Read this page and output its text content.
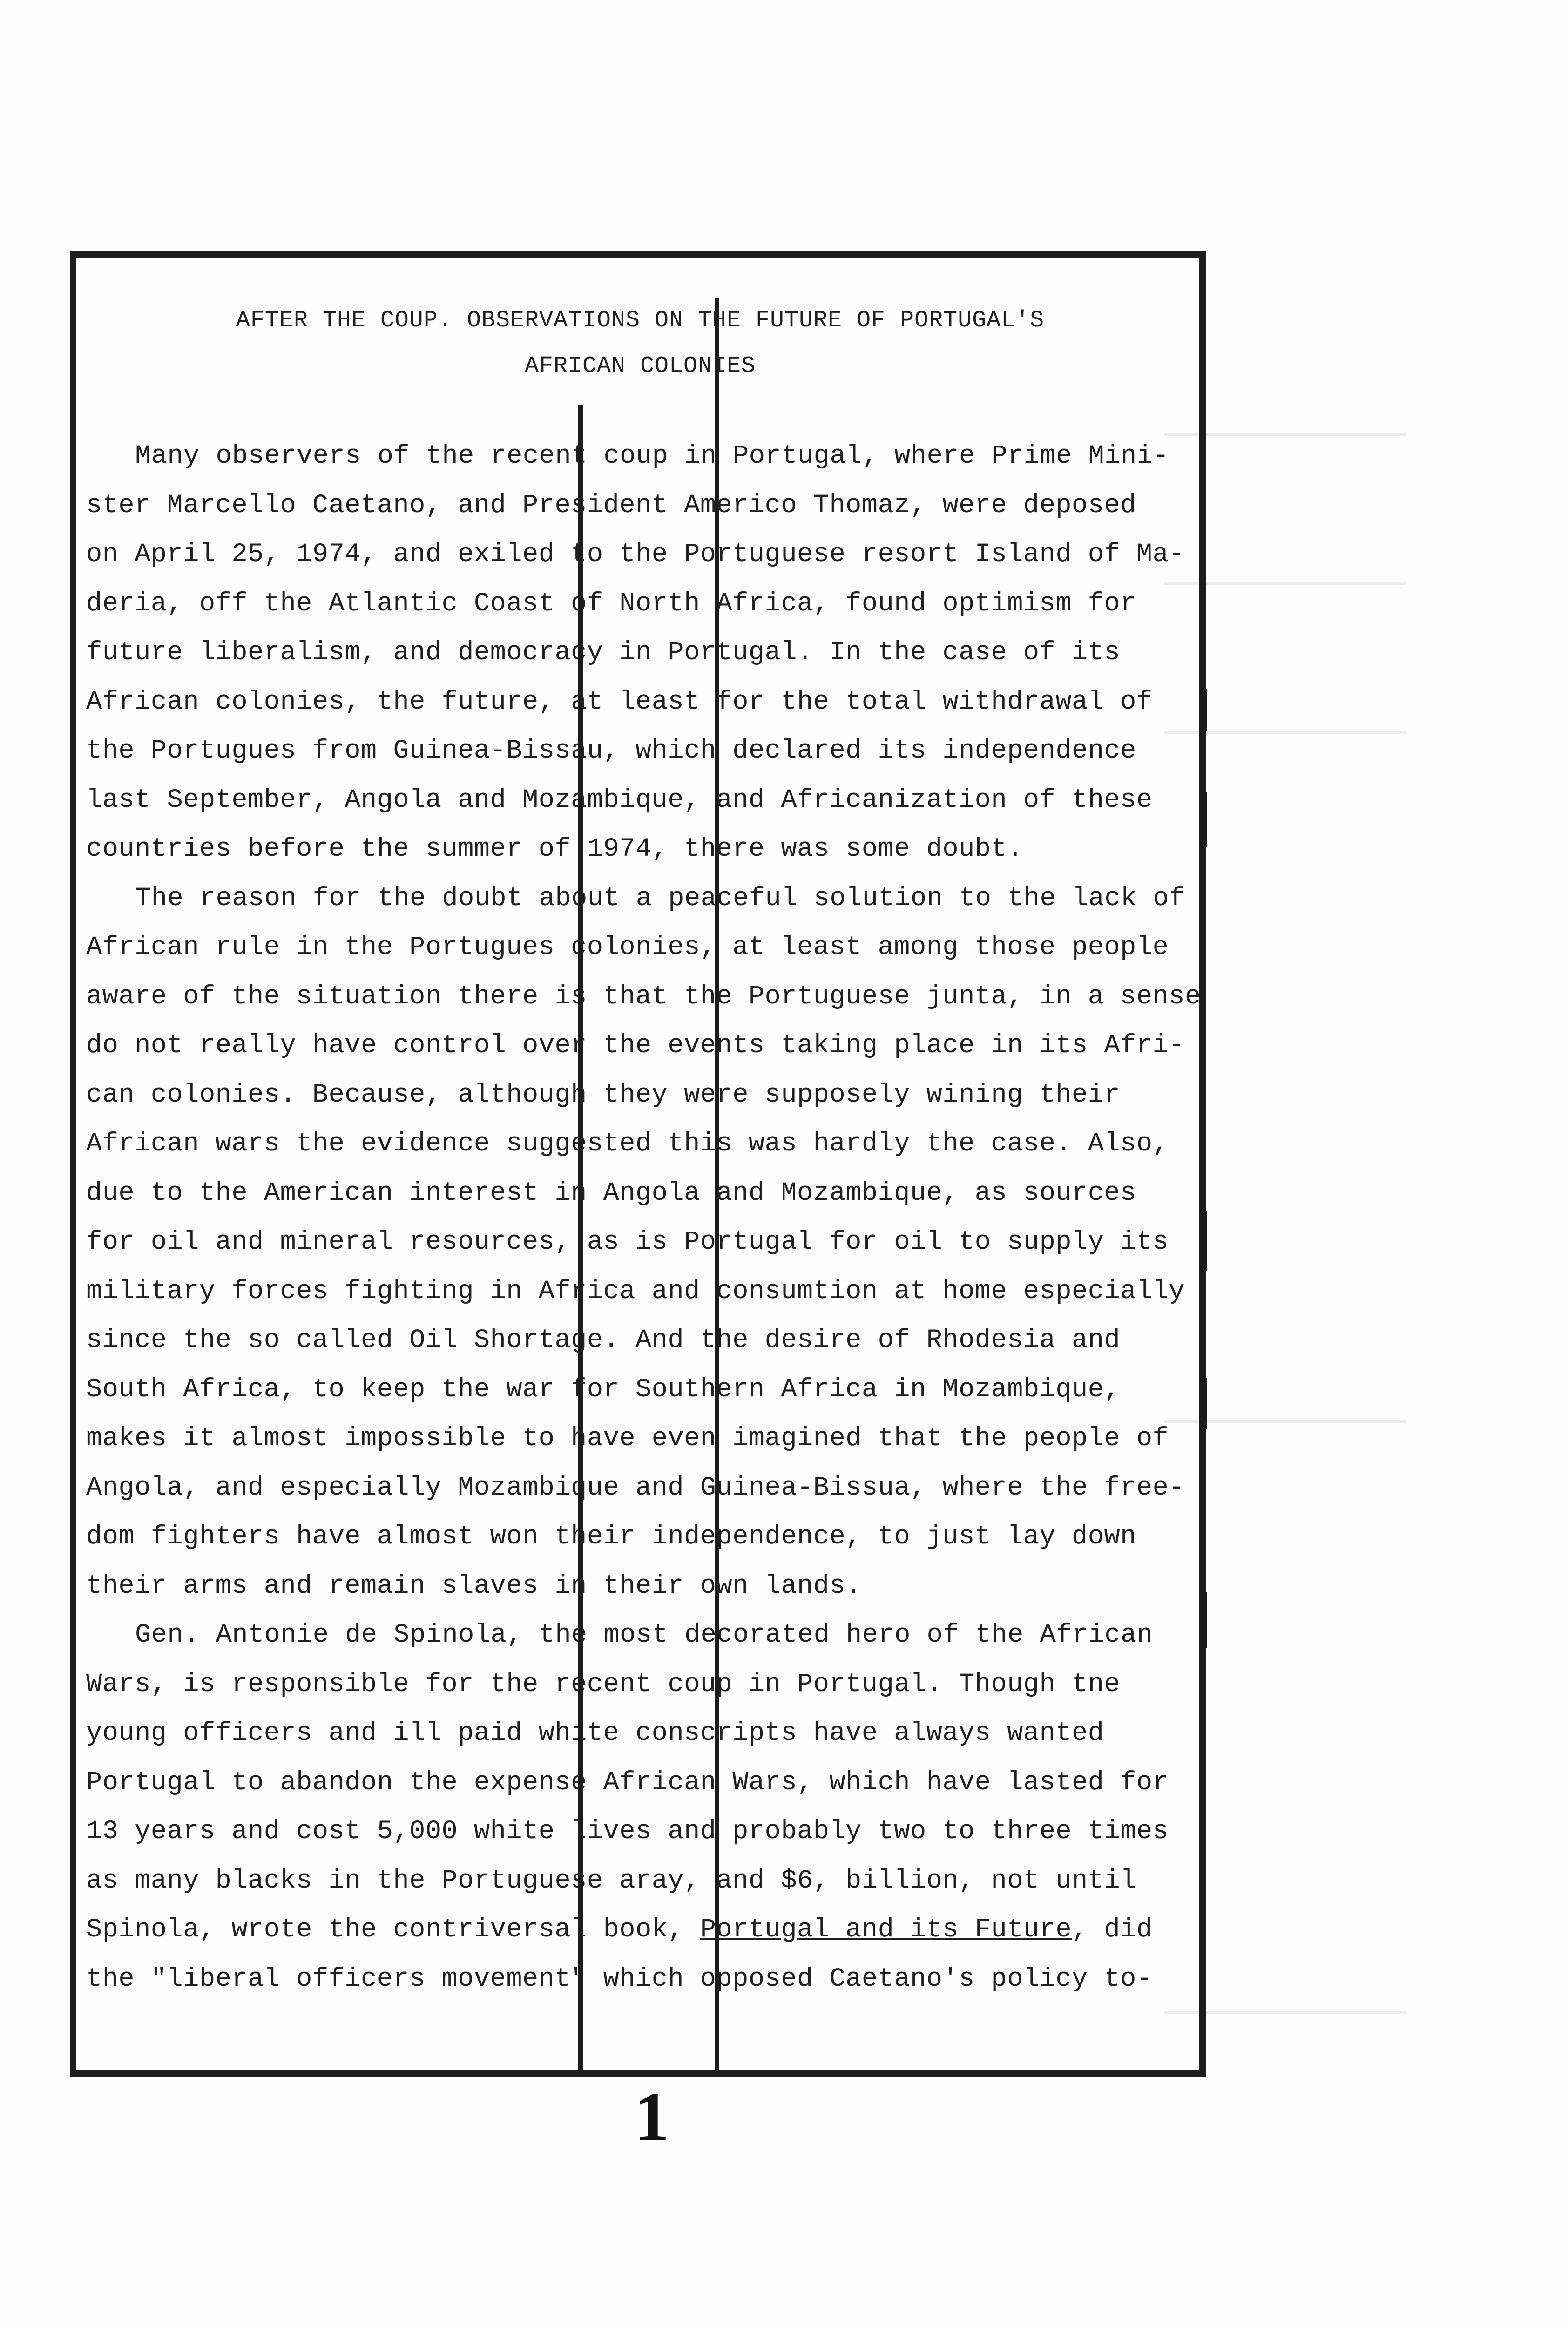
AFTER THE COUP. OBSERVATIONS ON THE FUTURE OF PORTUGAL'S
AFRICAN COLONIES
Many observers of the recent coup in Portugal, where Prime Mini-
ster Marcello Caetano, and President Americo Thomaz, were deposed
on April 25, 1974, and exiled to the Portuguese resort Island of Ma-
deria, off the Atlantic Coast of North Africa, found optimism for
future liberalism, and democracy in Portugal. In the case of its
African colonies, the future, at least for the total withdrawal of
the Portugues from Guinea-Bissau, which declared its independence
last September, Angola and Mozambique, and Africanization of these
countries before the summer of 1974, there was some doubt.
The reason for the doubt about a peaceful solution to the lack of
African rule in the Portugues colonies, at least among those people
aware of the situation there is that the Portuguese junta, in a sense
do not really have control over the events taking place in its Afri-
can colonies. Because, although they were supposely wining their
African wars the evidence suggested this was hardly the case. Also,
due to the American interest in Angola and Mozambique, as sources
for oil and mineral resources, as is Portugal for oil to supply its
military forces fighting in Africa and consumtion at home especially
since the so called Oil Shortage. And the desire of Rhodesia and
South Africa, to keep the war for Southern Africa in Mozambique,
makes it almost impossible to have even imagined that the people of
Angola, and especially Mozambique and Guinea-Bissua, where the free-
dom fighters have almost won their independence, to just lay down
their arms and remain slaves in their own lands.
Gen. Antonie de Spinola, the most decorated hero of the African
Wars, is responsible for the recent coup in Portugal. Though tne
young officers and ill paid white conscripts have always wanted
Portugal to abandon the expense African Wars, which have lasted for
13 years and cost 5,000 white lives and probably two to three times
as many blacks in the Portuguese aray, and $6, billion, not until
Spinola, wrote the contriversal book, Portugal and its Future, did
the "liberal officers movement" which opposed Caetano's policy to-
1
